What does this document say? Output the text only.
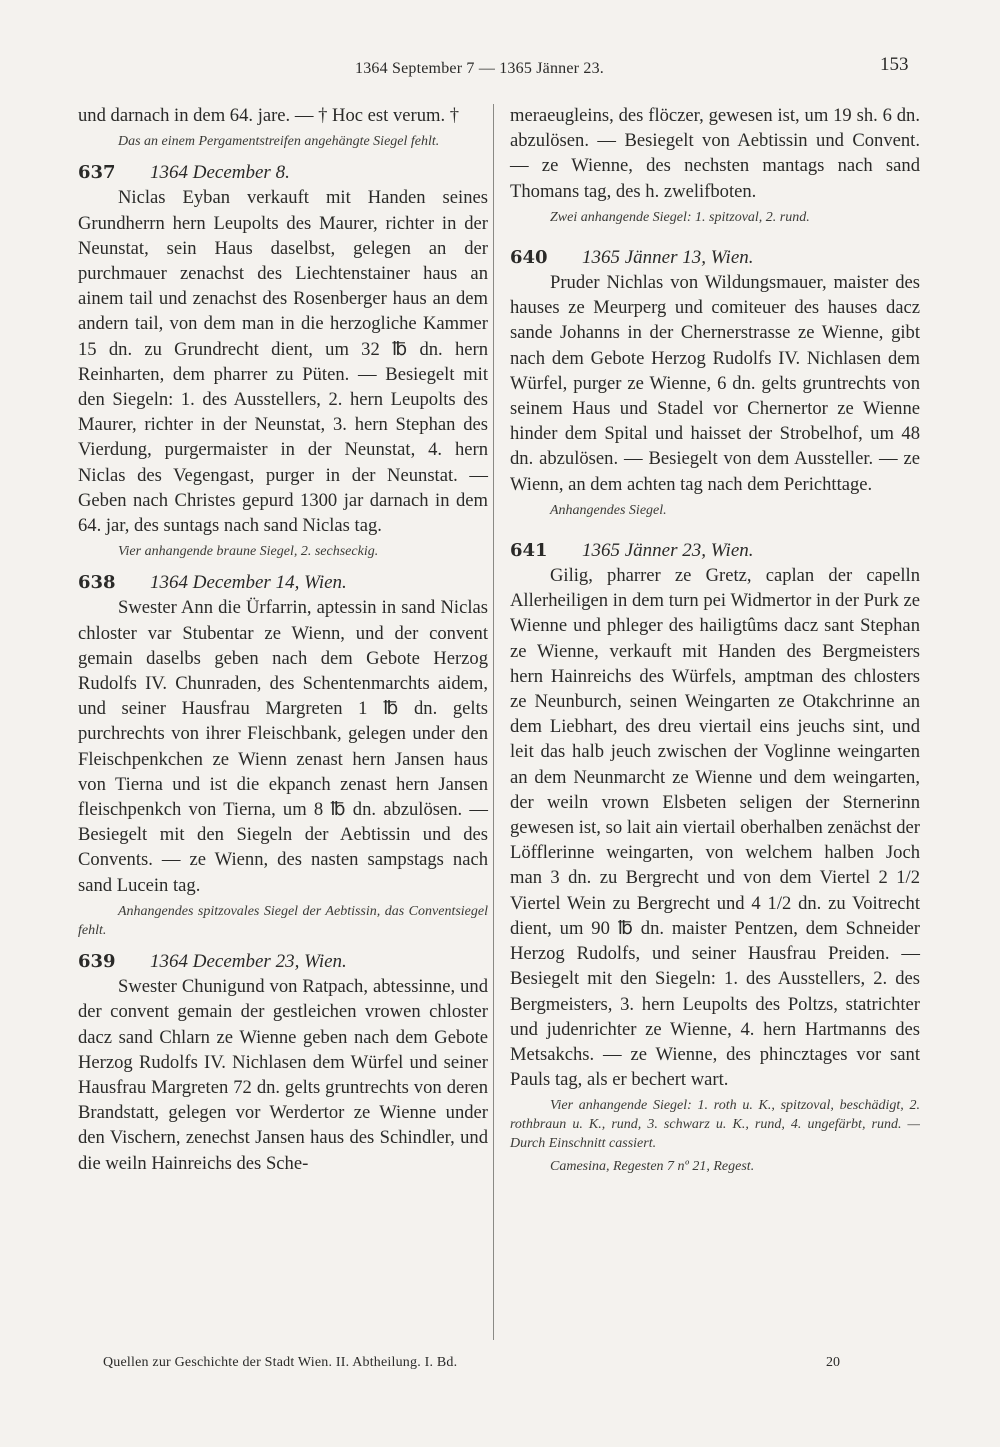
1364 September 7 — 1365 Jänner 23.	153

und darnach in dem 64. jare. — † Hoc est verum. †

Das an einem Pergamentstreifen angehängte Siegel fehlt.
637	1364 December 8.

Niclas Eyban verkauft mit Handen seines Grundherrn hern Leupolts des Maurer, richter in der Neunstat, sein Haus daselbst, gelegen an der purchmauer zenachst des Liechtenstainer haus an ainem tail und zenachst des Rosenberger haus an dem andern tail, von dem man in die herzogliche Kammer 15 dn. zu Grundrecht dient, um 32 ℔ dn. hern Reinharten, dem pharrer zu Püten. — Besiegelt mit den Siegeln: 1. des Ausstellers, 2. hern Leupolts des Maurer, richter in der Neunstat, 3. hern Stephan des Vierdung, purgermaister in der Neunstat, 4. hern Niclas des Vegengast, purger in der Neunstat. — Geben nach Christes gepurd 1300 jar darnach in dem 64. jar, des suntags nach sand Niclas tag.

Vier anhangende braune Siegel, 2. sechseckig.
638	1364 December 14, Wien.

Swester Ann die Ürfarrin, aptessin in sand Niclas chloster var Stubentar ze Wienn, und der convent gemain daselbs geben nach dem Gebote Herzog Rudolfs IV. Chunraden, des Schentenmarchts aidem, und seiner Hausfrau Margreten 1 ℔ dn. gelts purchrechts von ihrer Fleischbank, gelegen under den Fleischpenkchen ze Wienn zenast hern Jansen haus von Tierna und ist die ekpanch zenast hern Jansen fleischpenkch von Tierna, um 8 ℔ dn. abzulösen. — Besiegelt mit den Siegeln der Aebtissin und des Convents. — ze Wienn, des nasten sampstags nach sand Lucein tag.

Anhangendes spitzovales Siegel der Aebtissin, das Conventsiegel fehlt.
639	1364 December 23, Wien.

Swester Chunigund von Ratpach, abtessinne, und der convent gemain der gestleichen vrowen chloster dacz sand Chlarn ze Wienne geben nach dem Gebote Herzog Rudolfs IV. Nichlasen dem Würfel und seiner Hausfrau Margreten 72 dn. gelts gruntrechts von deren Brandstatt, gelegen vor Werdertor ze Wienne under den Vischern, zenechst Jansen haus des Schindler, und die weiln Hainreichs des Sche-

meraeugleins, des flöczer, gewesen ist, um 19 sh. 6 dn. abzulösen. — Besiegelt von Aebtissin und Convent. — ze Wienne, des nechsten mantags nach sand Thomans tag, des h. zwelifboten.

Zwei anhangende Siegel: 1. spitzoval, 2. rund.
640	1365 Jänner 13, Wien.

Pruder Nichlas von Wildungsmauer, maister des hauses ze Meurperg und comiteuer des hauses dacz sande Johanns in der Chernerstrasse ze Wienne, gibt nach dem Gebote Herzog Rudolfs IV. Nichlasen dem Würfel, purger ze Wienne, 6 dn. gelts gruntrechts von seinem Haus und Stadel vor Chernertor ze Wienne hinder dem Spital und haisset der Strobelhof, um 48 dn. abzulösen. — Besiegelt von dem Aussteller. — ze Wienn, an dem achten tag nach dem Perichttage.

Anhangendes Siegel.
641	1365 Jänner 23, Wien.

Gilig, pharrer ze Gretz, caplan der capelln Allerheiligen in dem turn pei Widmertor in der Purk ze Wienne und phleger des hailigtûms dacz sant Stephan ze Wienne, verkauft mit Handen des Bergmeisters hern Hainreichs des Würfels, amptman des chlosters ze Neunburch, seinen Weingarten ze Otakchrinne an dem Liebhart, des dreu viertail eins jeuchs sint, und leit das halb jeuch zwischen der Voglinne weingarten an dem Neunmarcht ze Wienne und dem weingarten, der weiln vrown Elsbeten seligen der Sternerinn gewesen ist, so lait ain viertail oberhalben zenächst der Löfflerinne weingarten, von welchem halben Joch man 3 dn. zu Bergrecht und von dem Viertel 2 1/2 Viertel Wein zu Bergrecht und 4 1/2 dn. zu Voitrecht dient, um 90 ℔ dn. maister Pentzen, dem Schneider Herzog Rudolfs, und seiner Hausfrau Preiden. — Besiegelt mit den Siegeln: 1. des Ausstellers, 2. des Bergmeisters, 3. hern Leupolts des Poltzs, statrichter und judenrichter ze Wienne, 4. hern Hartmanns des Metsakchs. — ze Wienne, des phincztages vor sant Pauls tag, als er bechert wart.

Vier anhangende Siegel: 1. roth u. K., spitzoval, beschädigt, 2. rothbraun u. K., rund, 3. schwarz u. K., rund, 4. ungefärbt, rund. — Durch Einschnitt cassiert.
Camesina, Regesten 7 nº 21, Regest.
Quellen zur Geschichte der Stadt Wien. II. Abtheilung. I. Bd.	20
